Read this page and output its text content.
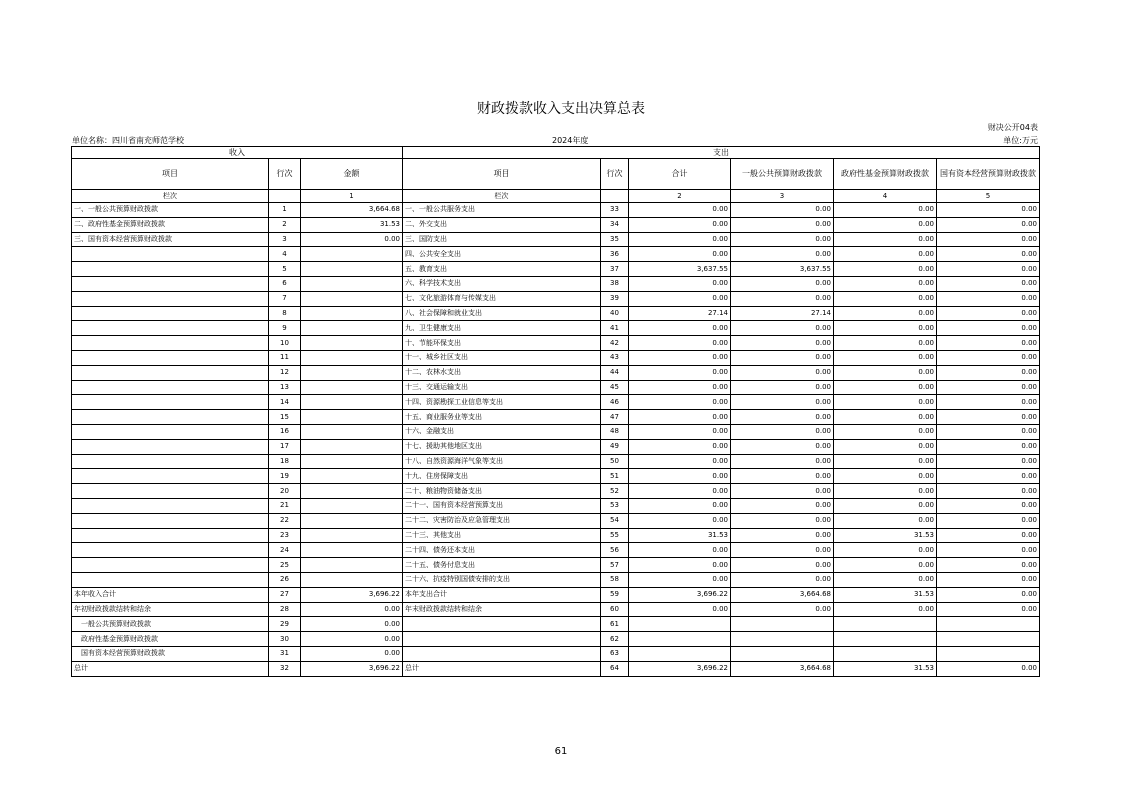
财政拨款收入支出决算总表
财决公开04表
单位名称：四川省南充师范学校	2024年度	单位:万元
收入			支出					
项目	行次	金额	项目	行次	合计	一般公共预算财政拨款	政府性基金预算财政拨款	国有资本经营预算财政拨款
栏次		1	栏次		2	3	4	5
一、一般公共预算财政拨款	1	3,664.68	一、一般公共服务支出	33	0.00	0.00	0.00	0.00
二、政府性基金预算财政拨款	2	31.53	二、外交支出	34	0.00	0.00	0.00	0.00
三、国有资本经营预算财政拨款	3	0.00	三、国防支出	35	0.00	0.00	0.00	0.00
	4		四、公共安全支出	36	0.00	0.00	0.00	0.00
	5		五、教育支出	37	3,637.55	3,637.55	0.00	0.00
	6		六、科学技术支出	38	0.00	0.00	0.00	0.00
	7		七、文化旅游体育与传媒支出	39	0.00	0.00	0.00	0.00
	8		八、社会保障和就业支出	40	27.14	27.14	0.00	0.00
	9		九、卫生健康支出	41	0.00	0.00	0.00	0.00
	10		十、节能环保支出	42	0.00	0.00	0.00	0.00
	11		十一、城乡社区支出	43	0.00	0.00	0.00	0.00
	12		十二、农林水支出	44	0.00	0.00	0.00	0.00
	13		十三、交通运输支出	45	0.00	0.00	0.00	0.00
	14		十四、资源勘探工业信息等支出	46	0.00	0.00	0.00	0.00
	15		十五、商业服务业等支出	47	0.00	0.00	0.00	0.00
	16		十六、金融支出	48	0.00	0.00	0.00	0.00
	17		十七、援助其他地区支出	49	0.00	0.00	0.00	0.00
	18		十八、自然资源海洋气象等支出	50	0.00	0.00	0.00	0.00
	19		十九、住房保障支出	51	0.00	0.00	0.00	0.00
	20		二十、粮油物资储备支出	52	0.00	0.00	0.00	0.00
	21		二十一、国有资本经营预算支出	53	0.00	0.00	0.00	0.00
	22		二十二、灾害防治及应急管理支出	54	0.00	0.00	0.00	0.00
	23		二十三、其他支出	55	31.53	0.00	31.53	0.00
	24		二十四、债务还本支出	56	0.00	0.00	0.00	0.00
	25		二十五、债务付息支出	57	0.00	0.00	0.00	0.00
	26		二十六、抗疫特别国债安排的支出	58	0.00	0.00	0.00	0.00
本年收入合计	27	3,696.22	本年支出合计	59	3,696.22	3,664.68	31.53	0.00
年初财政拨款结转和结余	28	0.00	年末财政拨款结转和结余	60	0.00	0.00	0.00	0.00
　一般公共预算财政拨款	29	0.00		61				
　政府性基金预算财政拨款	30	0.00		62				
　国有资本经营预算财政拨款	31	0.00		63				
总计	32	3,696.22	总计	64	3,696.22	3,664.68	31.53	0.00
61
